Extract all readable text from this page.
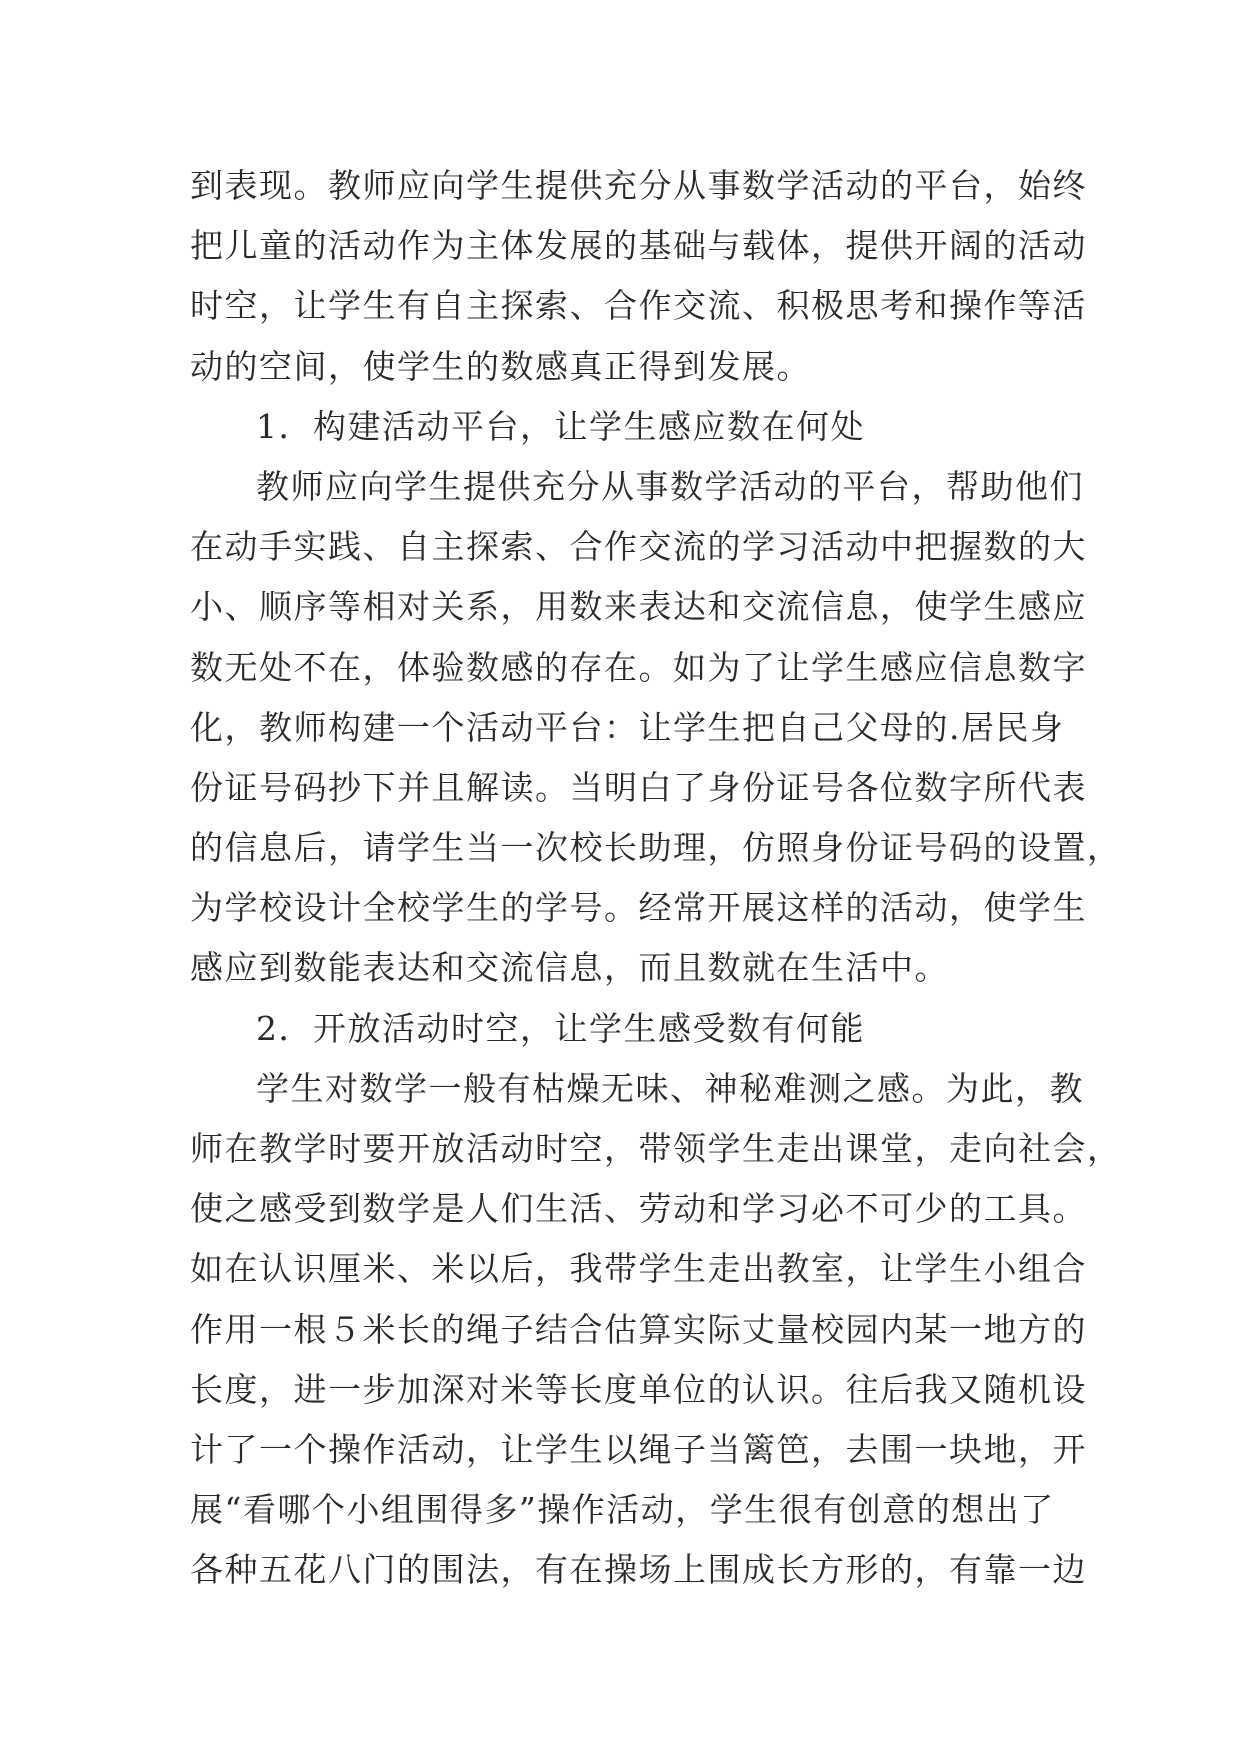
到表现。教师应向学生提供充分从事数学活动的平台，始终
把儿童的活动作为主体发展的基础与载体，提供开阔的活动
时空，让学生有自主探索、合作交流、积极思考和操作等活
动的空间，使学生的数感真正得到发展。
1．构建活动平台，让学生感应数在何处
教师应向学生提供充分从事数学活动的平台，帮助他们
在动手实践、自主探索、合作交流的学习活动中把握数的大
小、顺序等相对关系，用数来表达和交流信息，使学生感应
数无处不在，体验数感的存在。如为了让学生感应信息数字
化，教师构建一个活动平台：让学生把自己父母的.居民身
份证号码抄下并且解读。当明白了身份证号各位数字所代表
的信息后，请学生当一次校长助理，仿照身份证号码的设置，
为学校设计全校学生的学号。经常开展这样的活动，使学生
感应到数能表达和交流信息，而且数就在生活中。
2．开放活动时空，让学生感受数有何能
学生对数学一般有枯燥无味、神秘难测之感。为此，教
师在教学时要开放活动时空，带领学生走出课堂，走向社会，
使之感受到数学是人们生活、劳动和学习必不可少的工具。
如在认识厘米、米以后，我带学生走出教室，让学生小组合
作用一根５米长的绳子结合估算实际丈量校园内某一地方的
长度，进一步加深对米等长度单位的认识。往后我又随机设
计了一个操作活动，让学生以绳子当篱笆，去围一块地，开
展“看哪个小组围得多”操作活动，学生很有创意的想出了
各种五花八门的围法，有在操场上围成长方形的，有靠一边
